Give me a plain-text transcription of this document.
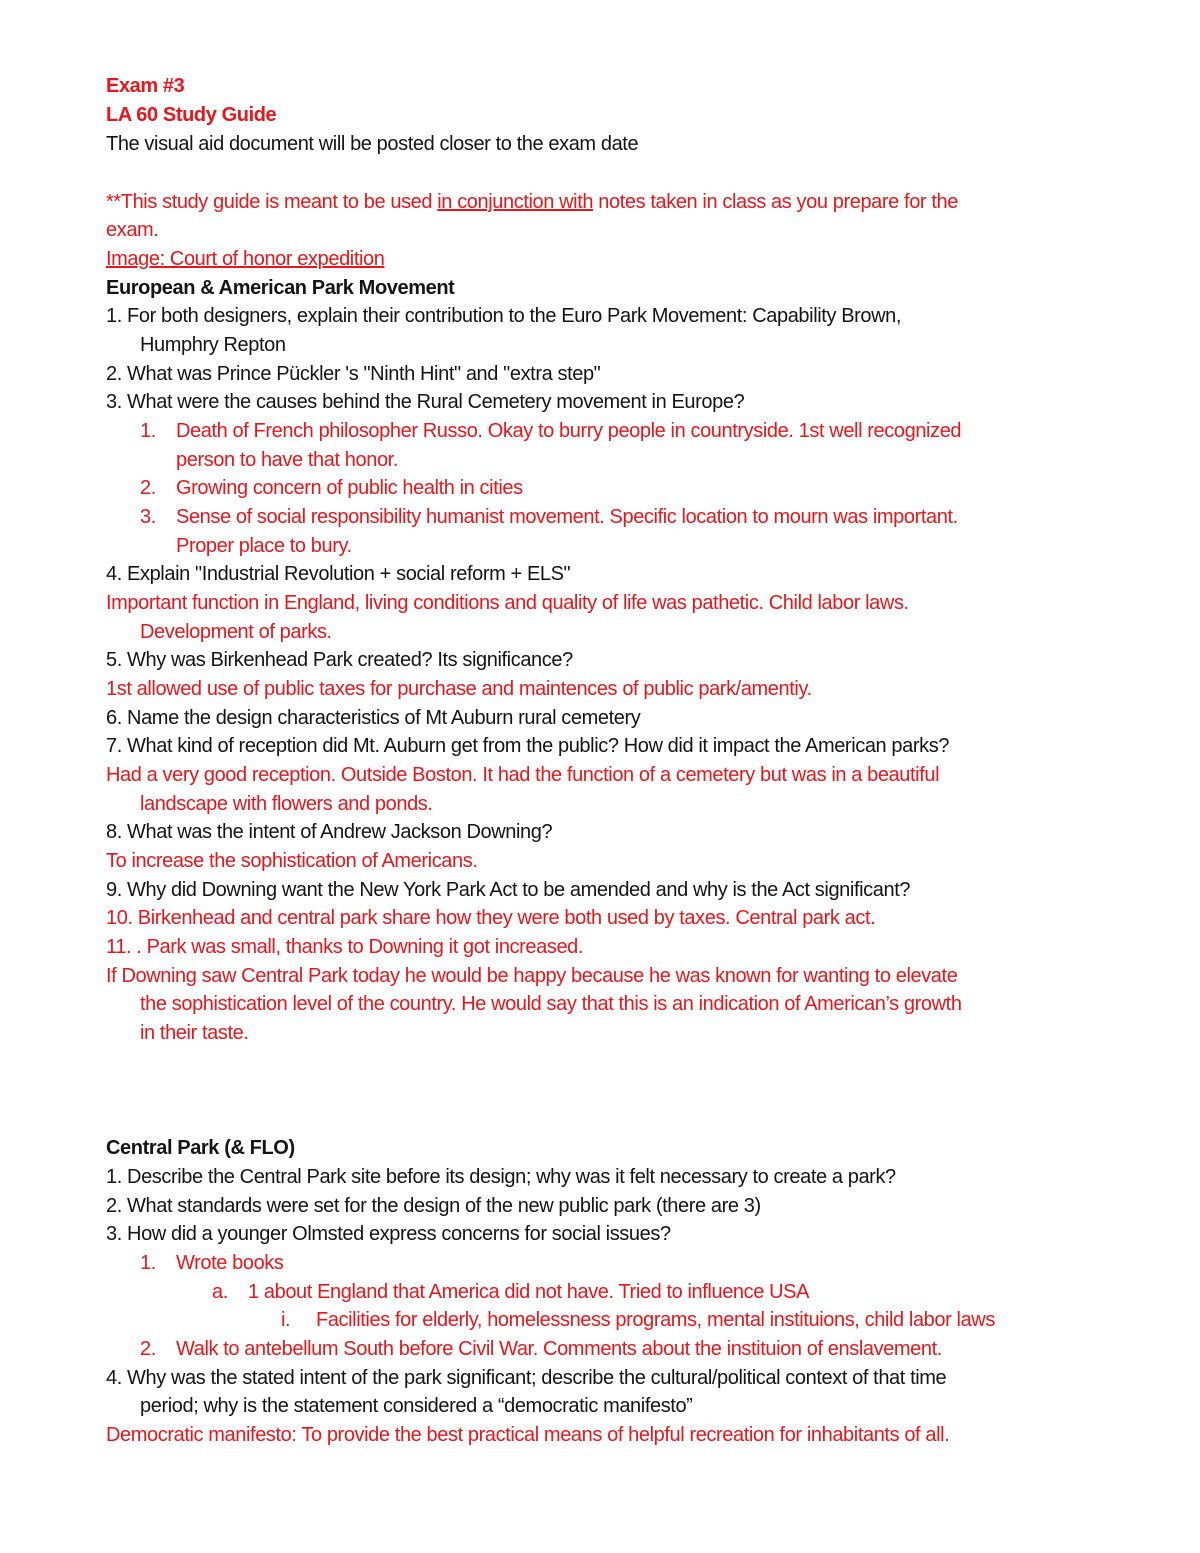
Exam #3
LA 60 Study Guide
The visual aid document will be posted closer to the exam date
**This study guide is meant to be used in conjunction with notes taken in class as you prepare for the
exam.
Image: Court of honor expedition
European & American Park Movement
1. For both designers, explain their contribution to the Euro Park Movement: Capability Brown,
Humphry Repton
2. What was Prince Pückler 's "Ninth Hint" and "extra step"
3. What were the causes behind the Rural Cemetery movement in Europe?
1.	Death of French philosopher Russo. Okay to burry people in countryside. 1st well recognized
person to have that honor.
2.	Growing concern of public health in cities
3.	Sense of social responsibility humanist movement. Specific location to mourn was important.
Proper place to bury.
4. Explain "Industrial Revolution + social reform + ELS"
Important function in England, living conditions and quality of life was pathetic. Child labor laws.
Development of parks.
5. Why was Birkenhead Park created? Its significance?
1st allowed use of public taxes for purchase and maintences of public park/amentiy.
6. Name the design characteristics of Mt Auburn rural cemetery
7. What kind of reception did Mt. Auburn get from the public? How did it impact the American parks?
Had a very good reception. Outside Boston. It had the function of a cemetery but was in a beautiful
landscape with flowers and ponds.
8. What was the intent of Andrew Jackson Downing?
To increase the sophistication of Americans.
9. Why did Downing want the New York Park Act to be amended and why is the Act significant?
10. Birkenhead and central park share how they were both used by taxes. Central park act.
11. . Park was small, thanks to Downing it got increased.
If Downing saw Central Park today he would be happy because he was known for wanting to elevate
the sophistication level of the country. He would say that this is an indication of American’s growth
in their taste.
Central Park (& FLO)
1. Describe the Central Park site before its design; why was it felt necessary to create a park?
2. What standards were set for the design of the new public park (there are 3)
3. How did a younger Olmsted express concerns for social issues?
1.	Wrote books
a.	1 about England that America did not have. Tried to influence USA
i.	Facilities for elderly, homelessness programs, mental instituions, child labor laws
2.	Walk to antebellum South before Civil War. Comments about the instituion of enslavement.
4. Why was the stated intent of the park significant; describe the cultural/political context of that time
period; why is the statement considered a “democratic manifesto”
Democratic manifesto: To provide the best practical means of helpful recreation for inhabitants of all.
